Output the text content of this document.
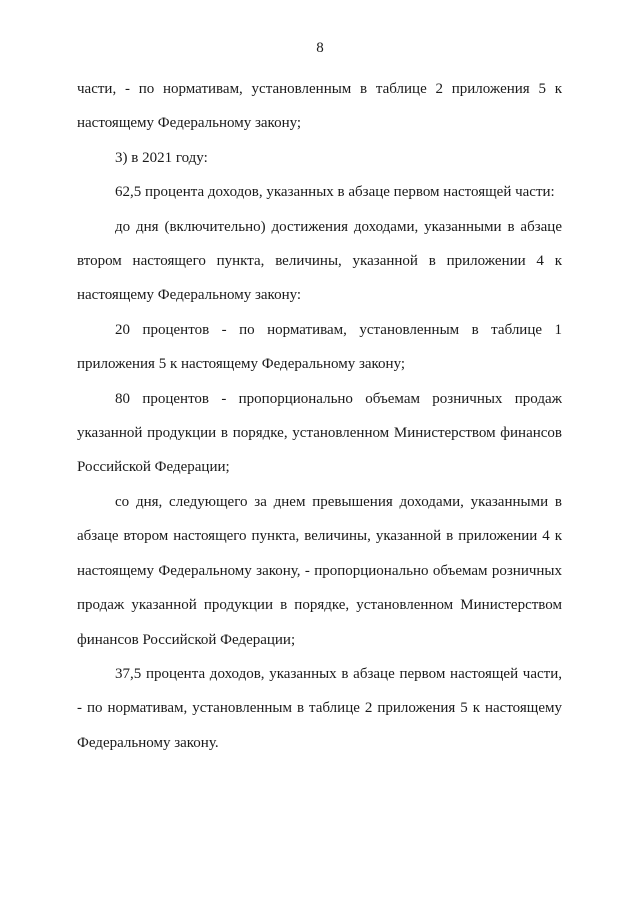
8

части, - по нормативам, установленным в таблице 2 приложения 5 к настоящему Федеральному закону;

3) в 2021 году:

62,5 процента доходов, указанных в абзаце первом настоящей части:

до дня (включительно) достижения доходами, указанными в абзаце втором настоящего пункта, величины, указанной в приложении 4 к настоящему Федеральному закону:

20 процентов - по нормативам, установленным в таблице 1 приложения 5 к настоящему Федеральному закону;

80 процентов - пропорционально объемам розничных продаж указанной продукции в порядке, установленном Министерством финансов Российской Федерации;

со дня, следующего за днем превышения доходами, указанными в абзаце втором настоящего пункта, величины, указанной в приложении 4 к настоящему Федеральному закону, - пропорционально объемам розничных продаж указанной продукции в порядке, установленном Министерством финансов Российской Федерации;

37,5 процента доходов, указанных в абзаце первом настоящей части, - по нормативам, установленным в таблице 2 приложения 5 к настоящему Федеральному закону.
